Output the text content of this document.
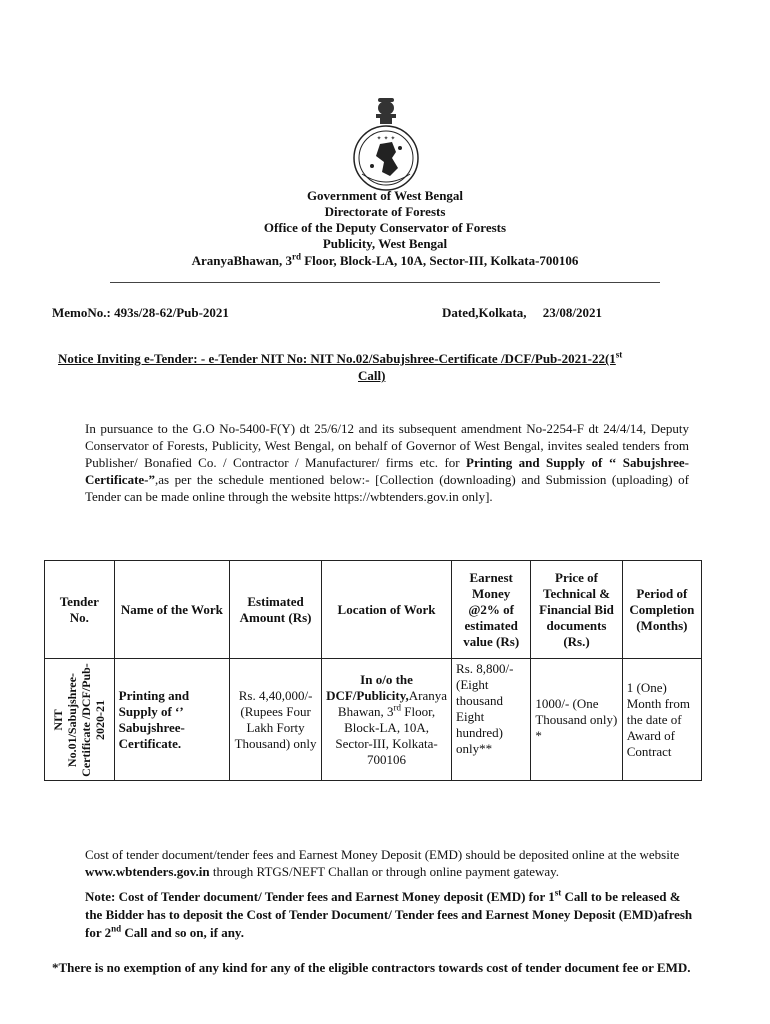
✦ ✦ ✦
Government of West Bengal
Directorate of Forests
Office of the Deputy Conservator of Forests
Publicity, West Bengal
AranyaBhawan, 3rd Floor, Block-LA, 10A, Sector-III, Kolkata-700106
MemoNo.: 493s/28-62/Pub-2021	Dated,Kolkata, 23/08/2021
Notice Inviting e-Tender: - e-Tender NIT No: NIT No.02/Sabujshree-Certificate /DCF/Pub-2021-22(1st
Call)
In pursuance to the G.O No-5400-F(Y) dt 25/6/12 and its subsequent amendment No-2254-F dt 24/4/14, Deputy Conservator of Forests, Publicity, West Bengal, on behalf of Governor of West Bengal, invites sealed tenders from Publisher/ Bonafied Co. / Contractor / Manufacturer/ firms etc. for Printing and Supply of ‘‘ Sabujshree-Certificate-”,as per the schedule mentioned below:- [Collection (downloading) and Submission (uploading) of Tender can be made online through the website https://wbtenders.gov.in only].
Tender No.	Name of the Work	Estimated Amount (Rs)	Location of Work	Earnest Money @2% of estimated value (Rs)	Price of Technical & Financial Bid documents (Rs.)	Period of Completion (Months)

NIT No.01/Sabujshree-Certificate /DCF/Pub-2020-21	Printing and Supply of ‘’ Sabujshree-Certificate.	Rs. 4,40,000/- (Rupees Four Lakh Forty Thousand) only	In o/o the DCF/Publicity,Aranya Bhawan, 3rd Floor, Block-LA, 10A, Sector-III, Kolkata-700106	Rs. 8,800/- (Eight thousand Eight hundred) only**	1000/- (One Thousand only) *	1 (One) Month from the date of Award of Contract
Cost of tender document/tender fees and Earnest Money Deposit (EMD) should be deposited online at the website www.wbtenders.gov.in through RTGS/NEFT Challan or through online payment gateway.
Note: Cost of Tender document/ Tender fees and Earnest Money deposit (EMD) for 1st Call to be released & the Bidder has to deposit the Cost of Tender Document/ Tender fees and Earnest Money Deposit (EMD)afresh for 2nd Call and so on, if any.
*There is no exemption of any kind for any of the eligible contractors towards cost of tender document fee or EMD.
